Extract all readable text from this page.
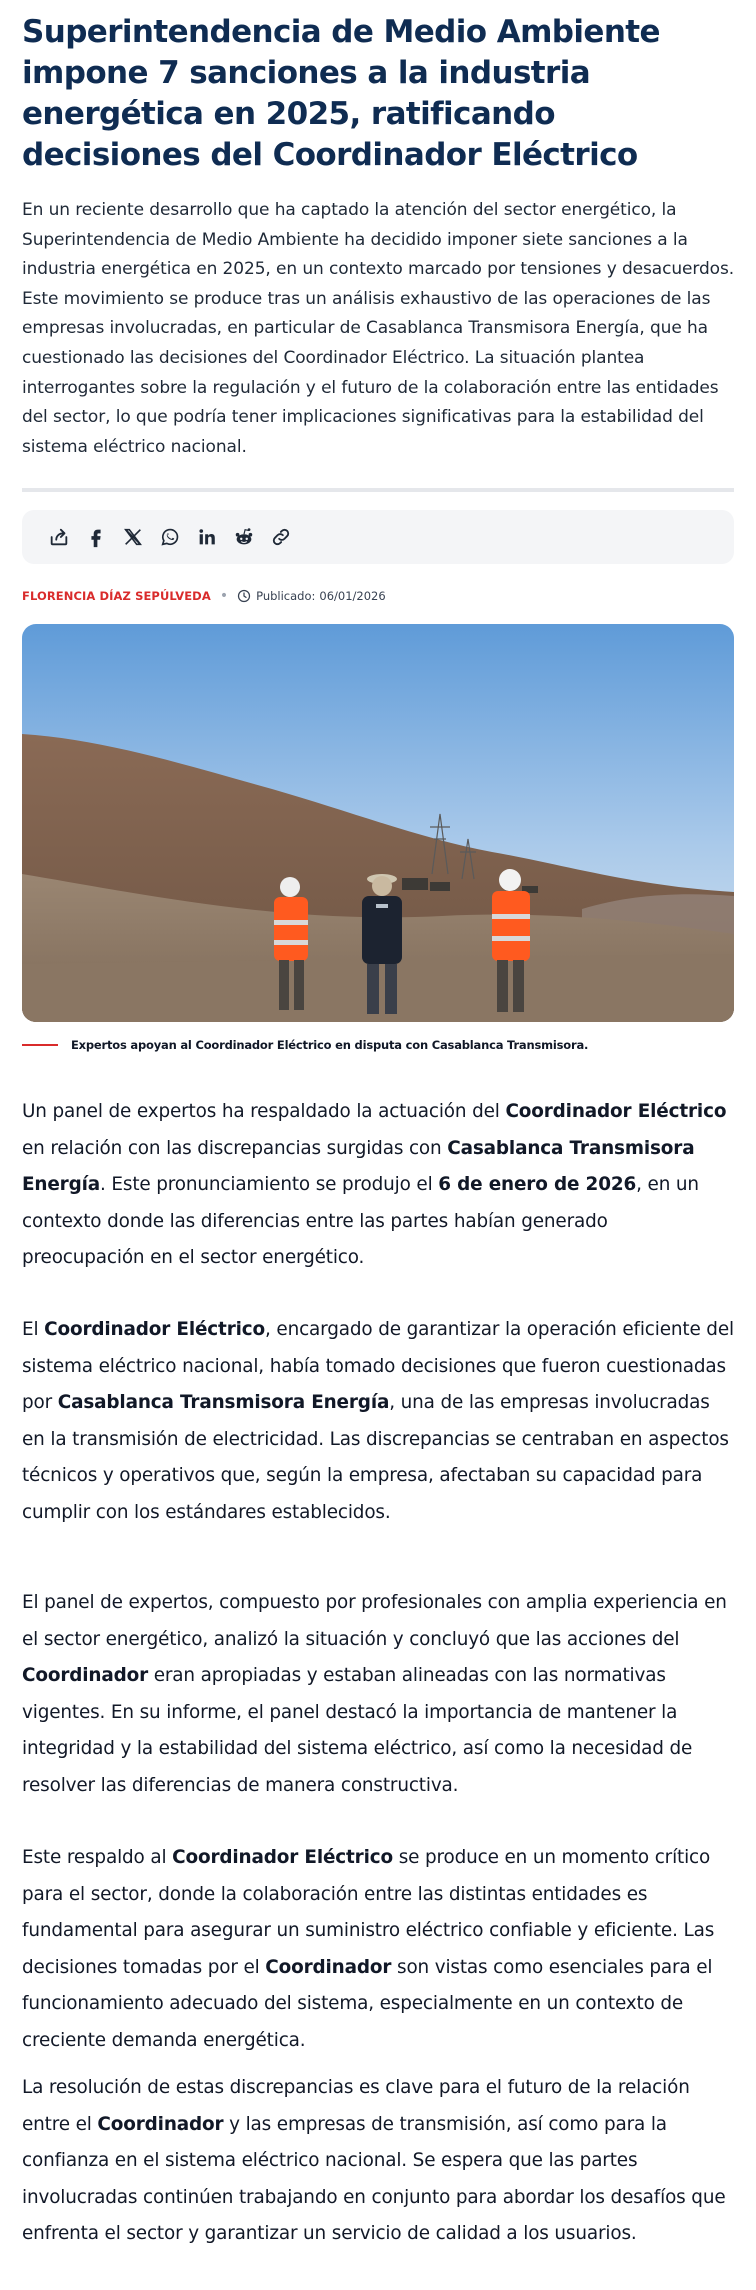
Superintendencia de Medio Ambiente impone 7 sanciones a la industria energética en 2025, ratificando decisiones del Coordinador Eléctrico

En un reciente desarrollo que ha captado la atención del sector energético, la Superintendencia de Medio Ambiente ha decidido imponer siete sanciones a la industria energética en 2025, en un contexto marcado por tensiones y desacuerdos. Este movimiento se produce tras un análisis exhaustivo de las operaciones de las empresas involucradas, en particular de Casablanca Transmisora Energía, que ha cuestionado las decisiones del Coordinador Eléctrico. La situación plantea interrogantes sobre la regulación y el futuro de la colaboración entre las entidades del sector, lo que podría tener implicaciones significativas para la estabilidad del sistema eléctrico nacional.

FLORENCIA DÍAZ SEPÚLVEDA • Publicado: 06/01/2026
Expertos apoyan al Coordinador Eléctrico en disputa con Casablanca Transmisora.

Un panel de expertos ha respaldado la actuación del Coordinador Eléctrico en relación con las discrepancias surgidas con Casablanca Transmisora Energía. Este pronunciamiento se produjo el 6 de enero de 2026, en un contexto donde las diferencias entre las partes habían generado preocupación en el sector energético.

El Coordinador Eléctrico, encargado de garantizar la operación eficiente del sistema eléctrico nacional, había tomado decisiones que fueron cuestionadas por Casablanca Transmisora Energía, una de las empresas involucradas en la transmisión de electricidad. Las discrepancias se centraban en aspectos técnicos y operativos que, según la empresa, afectaban su capacidad para cumplir con los estándares establecidos.

El panel de expertos, compuesto por profesionales con amplia experiencia en el sector energético, analizó la situación y concluyó que las acciones del Coordinador eran apropiadas y estaban alineadas con las normativas vigentes. En su informe, el panel destacó la importancia de mantener la integridad y la estabilidad del sistema eléctrico, así como la necesidad de resolver las diferencias de manera constructiva.

Este respaldo al Coordinador Eléctrico se produce en un momento crítico para el sector, donde la colaboración entre las distintas entidades es fundamental para asegurar un suministro eléctrico confiable y eficiente. Las decisiones tomadas por el Coordinador son vistas como esenciales para el funcionamiento adecuado del sistema, especialmente en un contexto de creciente demanda energética.

La resolución de estas discrepancias es clave para el futuro de la relación entre el Coordinador y las empresas de transmisión, así como para la confianza en el sistema eléctrico nacional. Se espera que las partes involucradas continúen trabajando en conjunto para abordar los desafíos que enfrenta el sector y garantizar un servicio de calidad a los usuarios.
